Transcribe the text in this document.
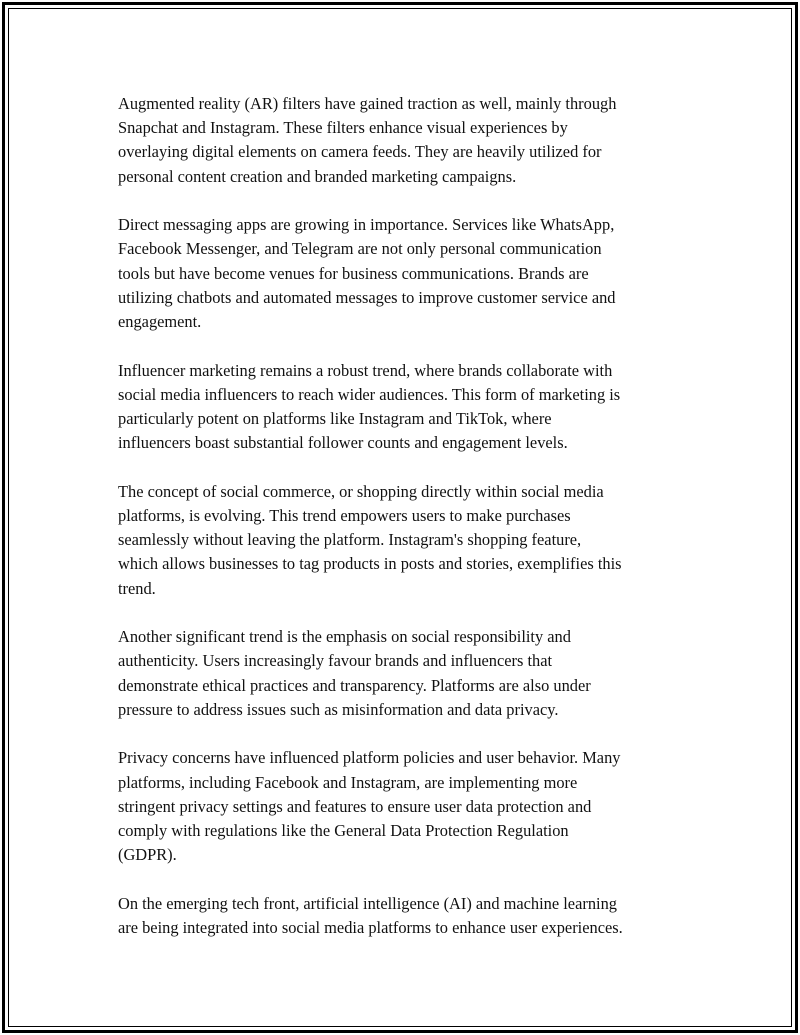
Augmented reality (AR) filters have gained traction as well, mainly through
Snapchat and Instagram. These filters enhance visual experiences by
overlaying digital elements on camera feeds. They are heavily utilized for
personal content creation and branded marketing campaigns.

Direct messaging apps are growing in importance. Services like WhatsApp,
Facebook Messenger, and Telegram are not only personal communication
tools but have become venues for business communications. Brands are
utilizing chatbots and automated messages to improve customer service and
engagement.

Influencer marketing remains a robust trend, where brands collaborate with
social media influencers to reach wider audiences. This form of marketing is
particularly potent on platforms like Instagram and TikTok, where
influencers boast substantial follower counts and engagement levels.

The concept of social commerce, or shopping directly within social media
platforms, is evolving. This trend empowers users to make purchases
seamlessly without leaving the platform. Instagram's shopping feature,
which allows businesses to tag products in posts and stories, exemplifies this
trend.

Another significant trend is the emphasis on social responsibility and
authenticity. Users increasingly favour brands and influencers that
demonstrate ethical practices and transparency. Platforms are also under
pressure to address issues such as misinformation and data privacy.

Privacy concerns have influenced platform policies and user behavior. Many
platforms, including Facebook and Instagram, are implementing more
stringent privacy settings and features to ensure user data protection and
comply with regulations like the General Data Protection Regulation
(GDPR).

On the emerging tech front, artificial intelligence (AI) and machine learning
are being integrated into social media platforms to enhance user experiences.
